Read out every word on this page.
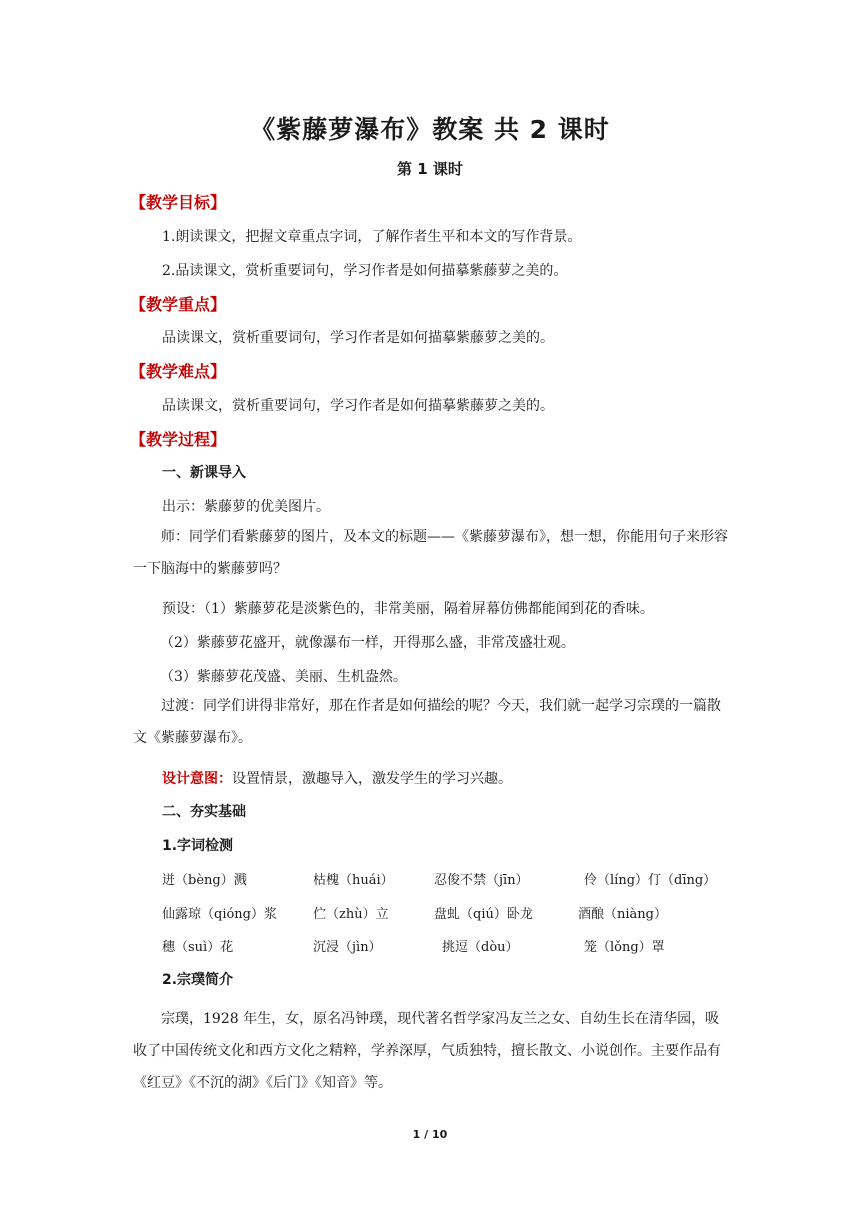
《紫藤萝瀑布》教案 共 2 课时
第 1 课时
【教学目标】
1.朗读课文，把握文章重点字词，了解作者生平和本文的写作背景。
2.品读课文，赏析重要词句，学习作者是如何描摹紫藤萝之美的。
【教学重点】
品读课文，赏析重要词句，学习作者是如何描摹紫藤萝之美的。
【教学难点】
品读课文，赏析重要词句，学习作者是如何描摹紫藤萝之美的。
【教学过程】
一、新课导入
出示：紫藤萝的优美图片。
师：同学们看紫藤萝的图片，及本文的标题——《紫藤萝瀑布》，想一想，你能用句子来形容一下脑海中的紫藤萝吗？
预设：（1）紫藤萝花是淡紫色的，非常美丽，隔着屏幕仿佛都能闻到花的香味。
（2）紫藤萝花盛开，就像瀑布一样，开得那么盛，非常茂盛壮观。
（3）紫藤萝花茂盛、美丽、生机盎然。
过渡：同学们讲得非常好，那在作者是如何描绘的呢？今天，我们就一起学习宗璞的一篇散文《紫藤萝瀑布》。
设计意图：设置情景，激趣导入，激发学生的学习兴趣。
二、夯实基础
1.字词检测
迸（bèng）溅	枯槐（huái）	忍俊不禁（jīn）	伶（líng）仃（dīng）
仙露琼（qióng）浆	伫（zhù）立	盘虬（qiú）卧龙	酒酿（niàng）
穗（suì）花	沉浸（jìn）	挑逗（dòu）	笼（lǒng）罩
2.宗璞简介
宗璞，1928 年生，女，原名冯钟璞，现代著名哲学家冯友兰之女、自幼生长在清华园，吸收了中国传统文化和西方文化之精粹，学养深厚，气质独特，擅长散文、小说创作。主要作品有《红豆》《不沉的湖》《后门》《知音》等。
1 / 10
